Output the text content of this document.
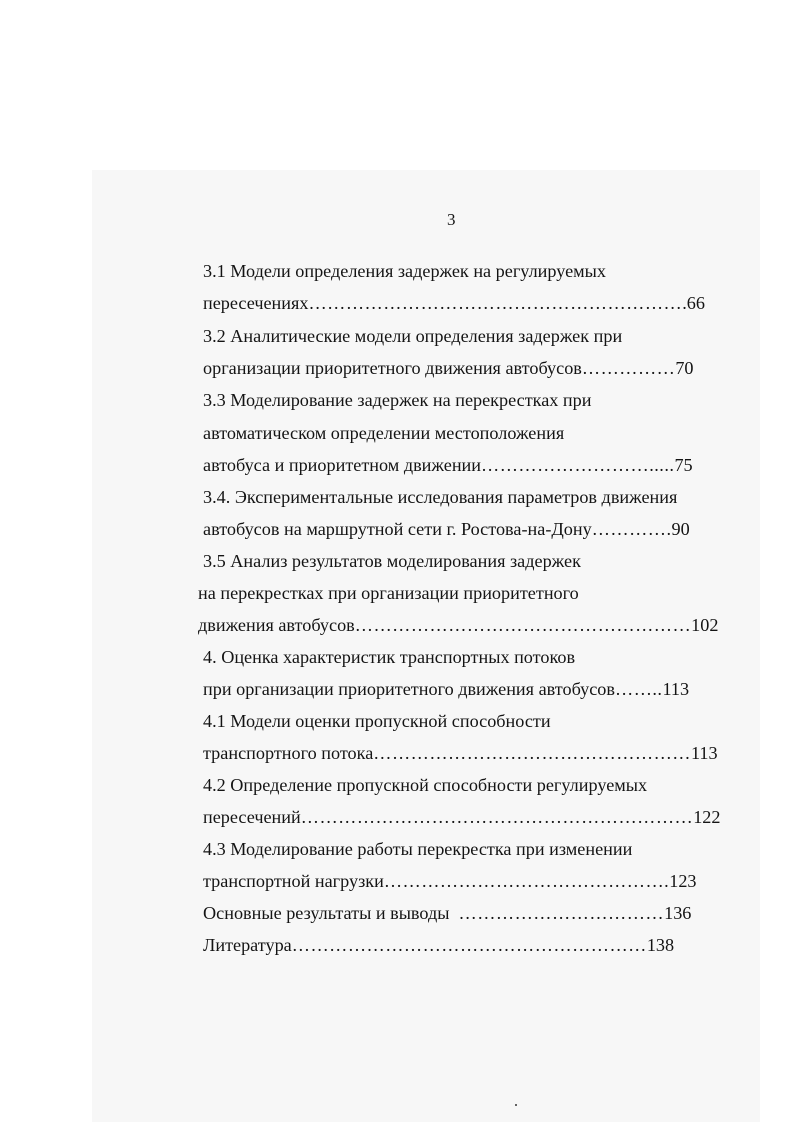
3
3.1 Модели определения задержек на регулируемых
пересечениях…………………………………………………….66
3.2 Аналитические модели определения задержек при
организации приоритетного движения автобусов……………70
3.3 Моделирование задержек на перекрестках при
автоматическом определении местоположения
автобуса и приоритетном движении……………………….....75
3.4. Экспериментальные исследования параметров движения
автобусов на маршрутной сети г. Ростова-на-Дону………….90
3.5 Анализ результатов моделирования задержек
на перекрестках при организации приоритетного
движения автобусов………………………………………………102
4. Оценка характеристик транспортных потоков
при организации приоритетного движения автобусов……..113
4.1 Модели оценки пропускной способности
транспортного потока……………………………………………113
4.2 Определение пропускной способности регулируемых
пересечений………………………………………………………122
4.3 Моделирование работы перекрестка при изменении
транспортной нагрузки……………………………………….123
Основные результаты и выводы  ……………………………136
Литература…………………………………………………138
